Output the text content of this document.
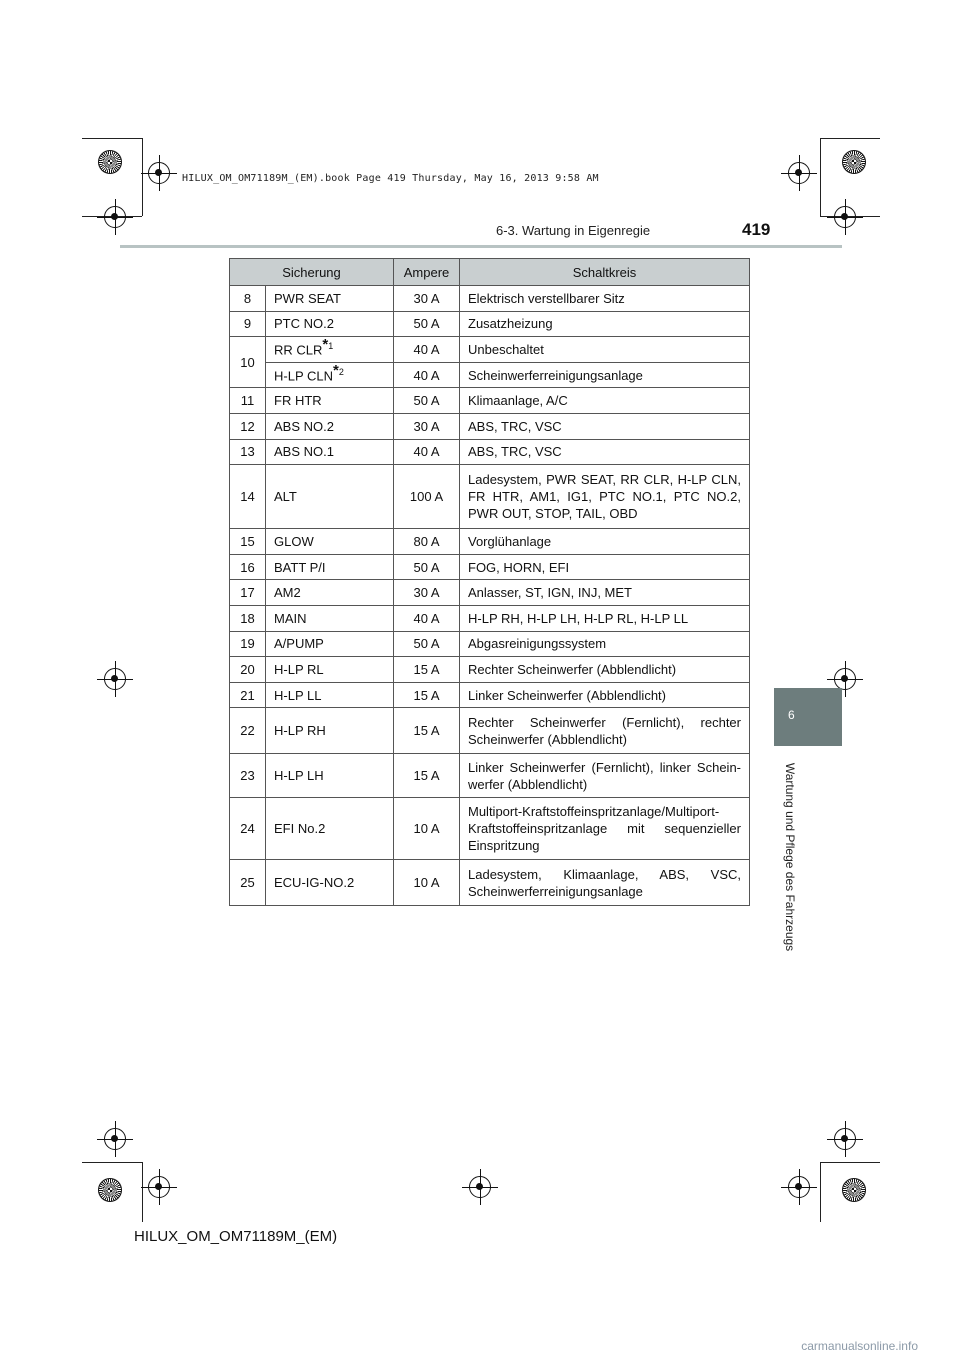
HILUX_OM_OM71189M_(EM).book Page 419 Thursday, May 16, 2013 9:58 AM
6-3. Wartung in Eigenregie	419
6
Wartung und Pflege des Fahrzeugs
Sicherung		Ampere	Schaltkreis
8	PWR SEAT	30 A	Elektrisch verstellbarer Sitz
9	PTC NO.2	50 A	Zusatzheizung
10	RR CLR*$^1$	40 A	Unbeschaltet
	H-LP CLN*$^2$	40 A	Scheinwerferreinigungsanlage
11	FR HTR	50 A	Klimaanlage, A/C
12	ABS NO.2	30 A	ABS, TRC, VSC
13	ABS NO.1	40 A	ABS, TRC, VSC
14	ALT	100 A	Ladesystem, PWR SEAT, RR CLR, H-LP CLN, FR HTR, AM1, IG1, PTC NO.1, PTC NO.2, PWR OUT, STOP, TAIL, OBD
15	GLOW	80 A	Vorglühanlage
16	BATT P/I	50 A	FOG, HORN, EFI
17	AM2	30 A	Anlasser, ST, IGN, INJ, MET
18	MAIN	40 A	H-LP RH, H-LP LH, H-LP RL, H-LP LL
19	A/PUMP	50 A	Abgasreinigungssystem
20	H-LP RL	15 A	Rechter Scheinwerfer (Abblendlicht)
21	H-LP LL	15 A	Linker Scheinwerfer (Abblendlicht)
22	H-LP RH	15 A	Rechter Scheinwerfer (Fernlicht), rechter Scheinwerfer (Abblendlicht)
23	H-LP LH	15 A	Linker Scheinwerfer (Fernlicht), linker Schein-werfer (Abblendlicht)
24	EFI No.2	10 A	Multiport-Kraftstoffeinspritzanlage/Multiport-Kraftstoffeinspritzanlage mit sequenzieller Einspritzung
25	ECU-IG-NO.2	10 A	Ladesystem, Klimaanlage, ABS, VSC, Scheinwerferreinigungsanlage
HILUX_OM_OM71189M_(EM)
carmanualsonline.info
